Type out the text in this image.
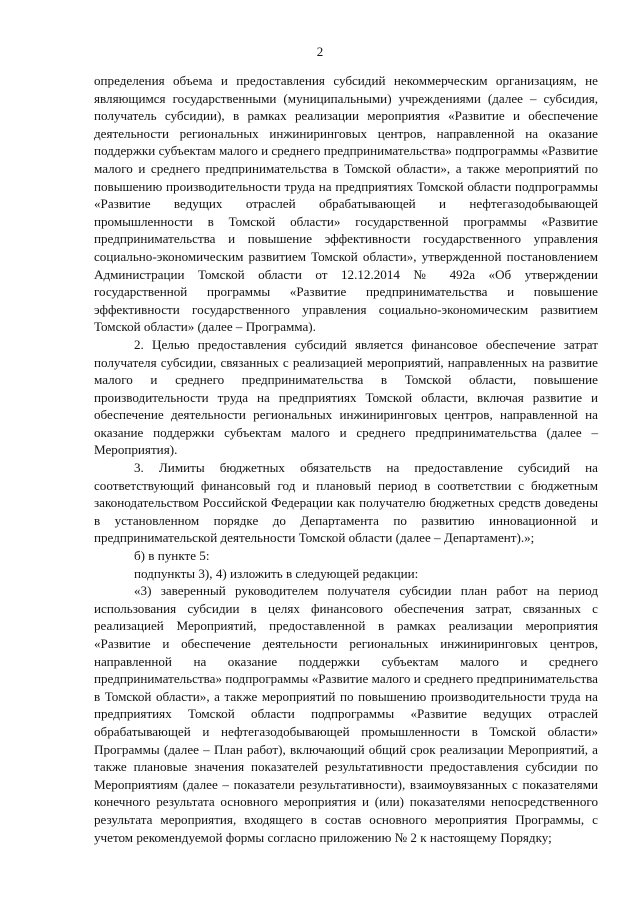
2

определения объема и предоставления субсидий некоммерческим организациям, не являющимся государственными (муниципальными) учреждениями (далее – субсидия, получатель субсидии), в рамках реализации мероприятия «Развитие и обеспечение деятельности региональных инжиниринговых центров, направленной на оказание поддержки субъектам малого и среднего предпринимательства» подпрограммы «Развитие малого и среднего предпринимательства в Томской области», а также мероприятий по повышению производительности труда на предприятиях Томской области подпрограммы «Развитие ведущих отраслей обрабатывающей и нефтегазодобывающей промышленности в Томской области» государственной программы «Развитие предпринимательства и повышение эффективности государственного управления социально-экономическим развитием Томской области», утвержденной постановлением Администрации Томской области от 12.12.2014 № 492а «Об утверждении государственной программы «Развитие предпринимательства и повышение эффективности государственного управления социально-экономическим развитием Томской области» (далее – Программа).

2. Целью предоставления субсидий является финансовое обеспечение затрат получателя субсидии, связанных с реализацией мероприятий, направленных на развитие малого и среднего предпринимательства в Томской области, повышение производительности труда на предприятиях Томской области, включая развитие и обеспечение деятельности региональных инжиниринговых центров, направленной на оказание поддержки субъектам малого и среднего предпринимательства (далее – Мероприятия).

3. Лимиты бюджетных обязательств на предоставление субсидий на соответствующий финансовый год и плановый период в соответствии с бюджетным законодательством Российской Федерации как получателю бюджетных средств доведены в установленном порядке до Департамента по развитию инновационной и предпринимательской деятельности Томской области (далее – Департамент).»;

б) в пункте 5:

подпункты 3), 4) изложить в следующей редакции:

«3) заверенный руководителем получателя субсидии план работ на период использования субсидии в целях финансового обеспечения затрат, связанных с реализацией Мероприятий, предоставленной в рамках реализации мероприятия «Развитие и обеспечение деятельности региональных инжиниринговых центров, направленной на оказание поддержки субъектам малого и среднего предпринимательства» подпрограммы «Развитие малого и среднего предпринимательства в Томской области», а также мероприятий по повышению производительности труда на предприятиях Томской области подпрограммы «Развитие ведущих отраслей обрабатывающей и нефтегазодобывающей промышленности в Томской области» Программы (далее – План работ), включающий общий срок реализации Мероприятий, а также плановые значения показателей результативности предоставления субсидии по Мероприятиям (далее – показатели результативности), взаимоувязанных с показателями конечного результата основного мероприятия и (или) показателями непосредственного результата мероприятия, входящего в состав основного мероприятия Программы, с учетом рекомендуемой формы согласно приложению № 2 к настоящему Порядку;
